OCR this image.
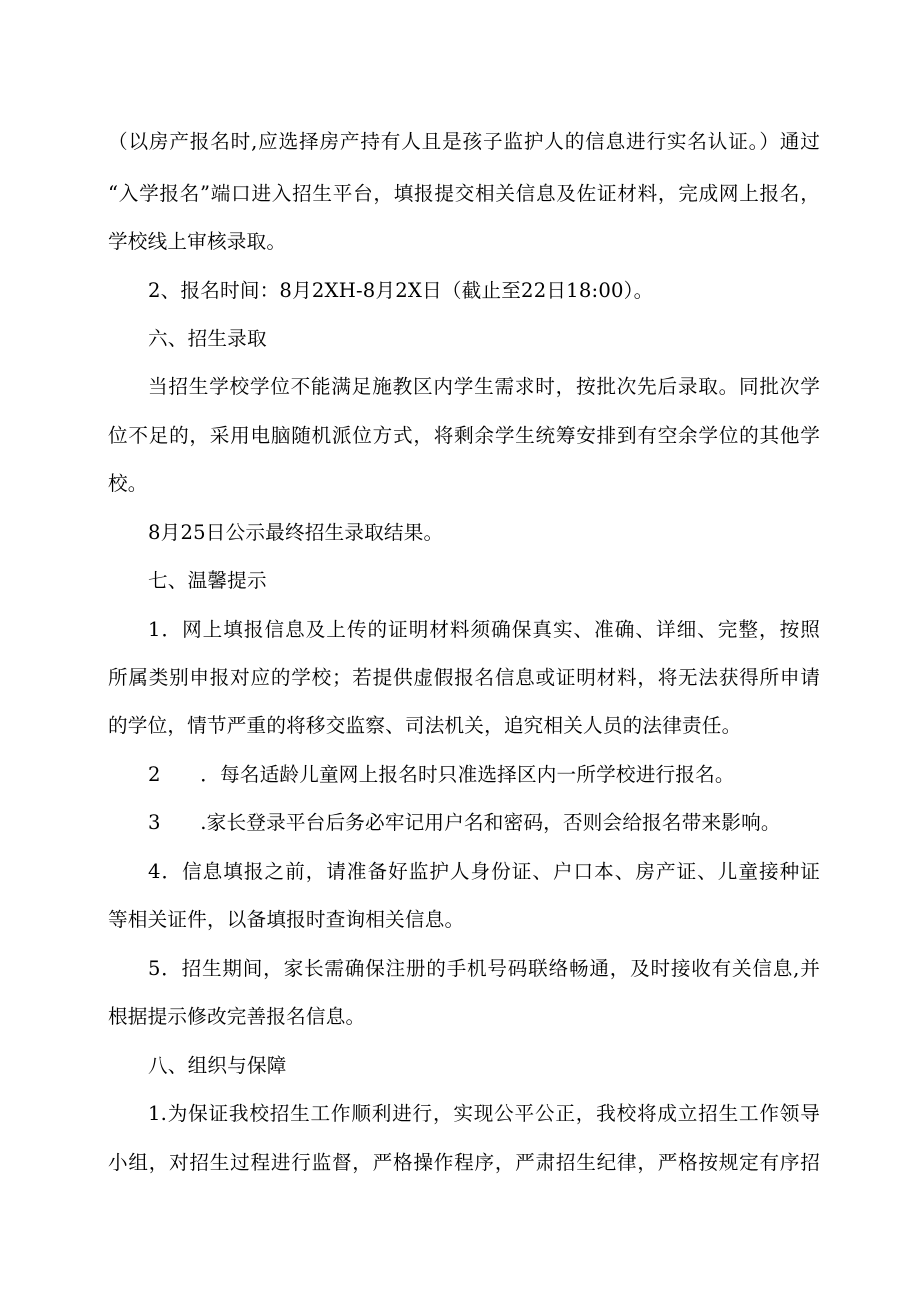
（以房产报名时,应选择房产持有人且是孩子监护人的信息进行实名认证。）通过
“入学报名”端口进入招生平台，填报提交相关信息及佐证材料，完成网上报名，
学校线上审核录取。
2、报名时间：8月2XH-8月2X日（截止至22日18:00）。
六、招生录取
当招生学校学位不能满足施教区内学生需求时，按批次先后录取。同批次学
位不足的，采用电脑随机派位方式，将剩余学生统筹安排到有空余学位的其他学
校。
8月25日公示最终招生录取结果。
七、温馨提示
1．网上填报信息及上传的证明材料须确保真实、准确、详细、完整，按照
所属类别申报对应的学校；若提供虚假报名信息或证明材料，将无法获得所申请
的学位，情节严重的将移交监察、司法机关，追究相关人员的法律责任。
2　　．每名适龄儿童网上报名时只准选择区内一所学校进行报名。
3　　.家长登录平台后务必牢记用户名和密码，否则会给报名带来影响。
4．信息填报之前，请准备好监护人身份证、户口本、房产证、儿童接种证
等相关证件，以备填报时查询相关信息。
5．招生期间，家长需确保注册的手机号码联络畅通，及时接收有关信息,并
根据提示修改完善报名信息。
八、组织与保障
1.为保证我校招生工作顺利进行，实现公平公正，我校将成立招生工作领导
小组，对招生过程进行监督，严格操作程序，严肃招生纪律，严格按规定有序招
